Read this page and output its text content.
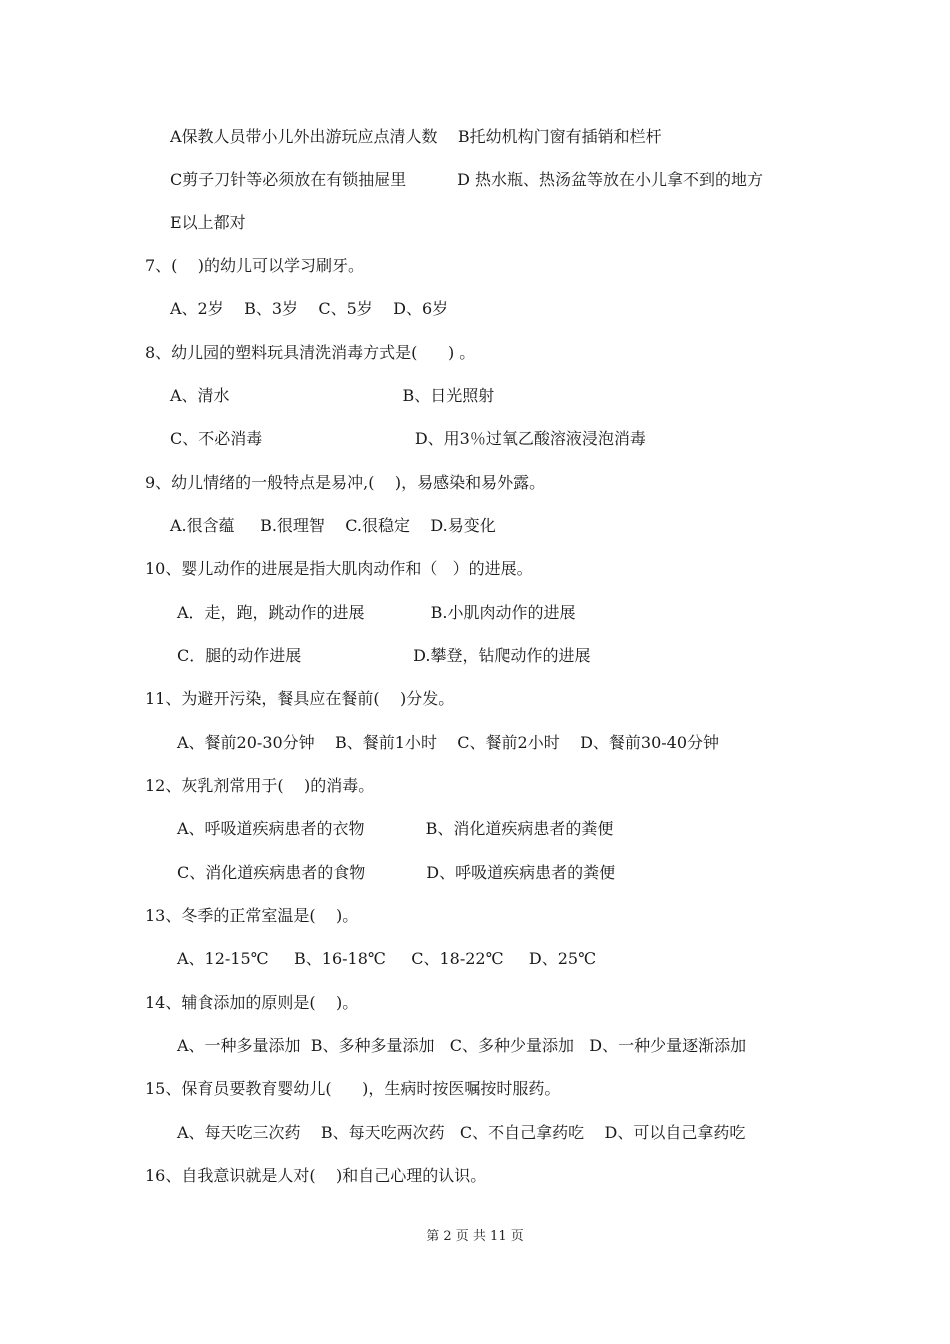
A保教人员带小儿外出游玩应点清人数    B托幼机构门窗有插销和栏杆
C剪子刀针等必须放在有锁抽屉里          D 热水瓶、热汤盆等放在小儿拿不到的地方
E以上都对
7、(    )的幼儿可以学习刷牙。
A、2岁    B、3岁    C、5岁    D、6岁
8、幼儿园的塑料玩具清洗消毒方式是(      ) 。
A、清水                                  B、日光照射
C、不必消毒                              D、用3％过氧乙酸溶液浸泡消毒
9、幼儿情绪的一般特点是易冲,(    )，易感染和易外露。
A.很含蕴     B.很理智    C.很稳定    D.易变化
10、婴儿动作的进展是指大肌肉动作和（   ）的进展。
A．走，跑，跳动作的进展             B.小肌肉动作的进展
C．腿的动作进展                      D.攀登，钻爬动作的进展
11、为避开污染，餐具应在餐前(    )分发。
A、餐前20-30分钟    B、餐前1小时    C、餐前2小时    D、餐前30-40分钟
12、灰乳剂常用于(    )的消毒。
A、呼吸道疾病患者的衣物            B、消化道疾病患者的粪便
C、消化道疾病患者的食物            D、呼吸道疾病患者的粪便
13、冬季的正常室温是(    )。
A、12-15℃     B、16-18℃     C、18-22℃     D、25℃
14、辅食添加的原则是(    )。
A、一种多量添加  B、多种多量添加   C、多种少量添加   D、一种少量逐渐添加
15、保育员要教育婴幼儿(      )，生病时按医嘱按时服药。
A、每天吃三次药    B、每天吃两次药   C、不自己拿药吃    D、可以自己拿药吃
16、自我意识就是人对(    )和自己心理的认识。
第 2 页 共 11 页
